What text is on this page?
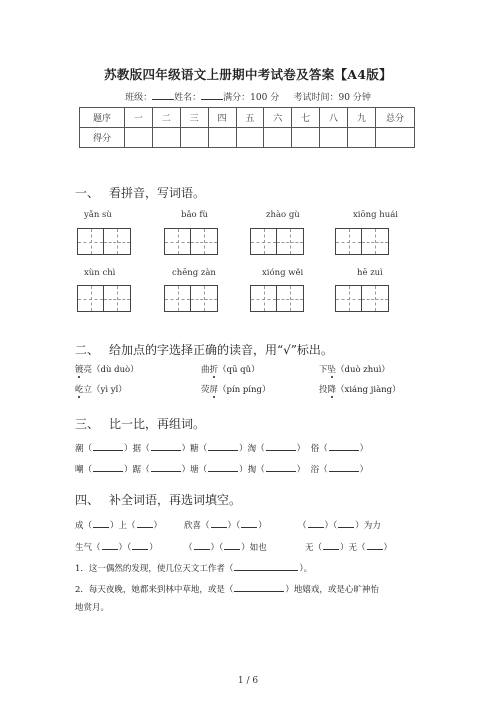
苏教版四年级语文上册期中考试卷及答案【A4版】
班级： 姓名： 满分：100 分 考试时间：90 分钟
题序	一	二	三	四	五	六	七	八	九	总分
得分										
一、 看拼音，写词语。
yǎn sù	bǎo fù	zhào gù	xiōng huái
xùn chì	chēng zàn	xióng wěi	hē zuì
二、 给加点的字选择正确的读音，用“√”标出。
镀亮（dù duò）	曲折（qū qǔ）	下坠（duò zhuì）
屹立（yì yǐ）	荧屏（pín píng）	投降（xiáng jiàng）
三、 比一比，再组词。
潮（	）据（	）糖（	）淘（	） 俗（	）
嘲（	）踞（	）塘（	）掏（	） 浴（	）
四、 补全词语，再选词填空。
成（ ）上（ ）	欣喜（ ）（ ）	（ ）（ ）为力
生气（ ）（ ）	（ ）（ ）如也	无（ ）无（ ）
1．这一偶然的发现，使几位天文工作者（	）。
2．每天夜晚，她都来到林中草地，或是（	）地嬉戏，或是心旷神怡
地赏月。
1 / 6
